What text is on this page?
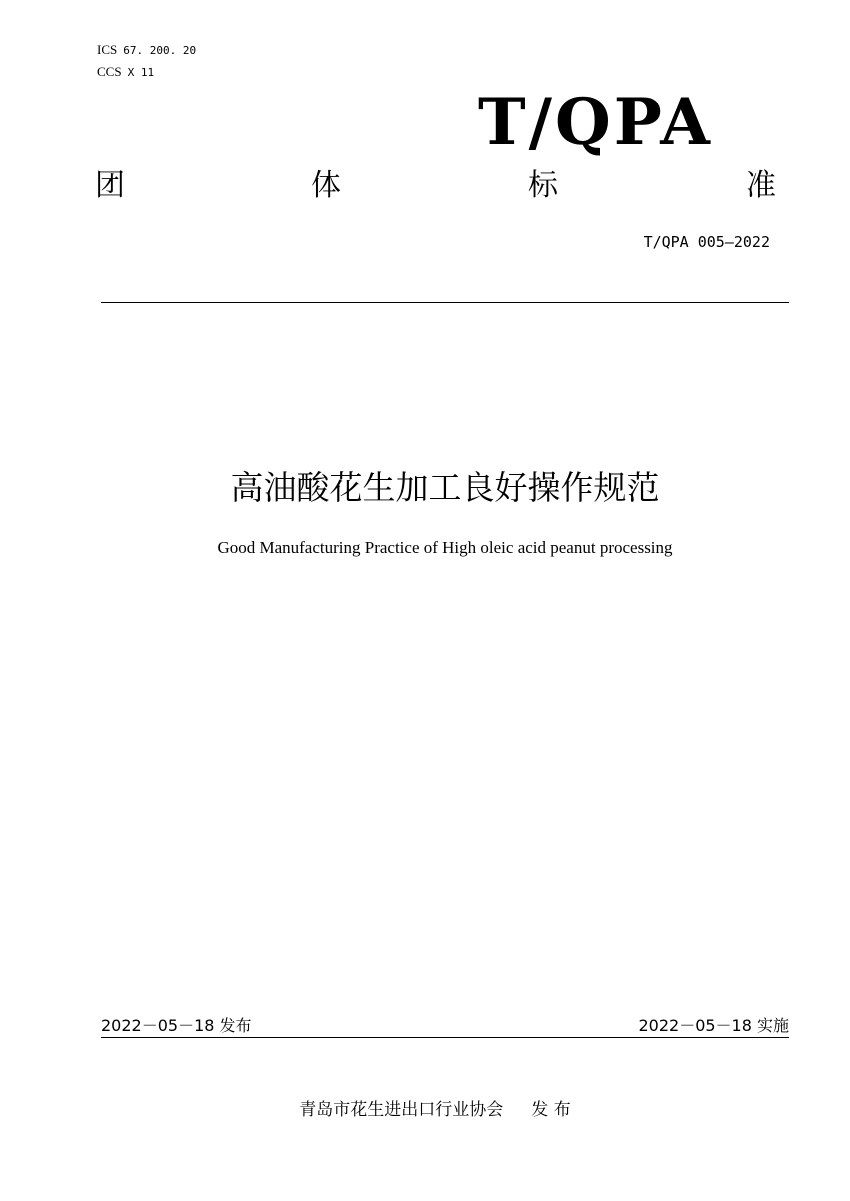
ICS 67. 200. 20
CCS X 11
T/QPA
团	体	标	准
T/QPA 005—2022
高油酸花生加工良好操作规范
Good Manufacturing Practice of High oleic acid peanut processing
2022－05－18 发布	2022－05－18 实施
青岛市花生进出口行业协会 发 布
